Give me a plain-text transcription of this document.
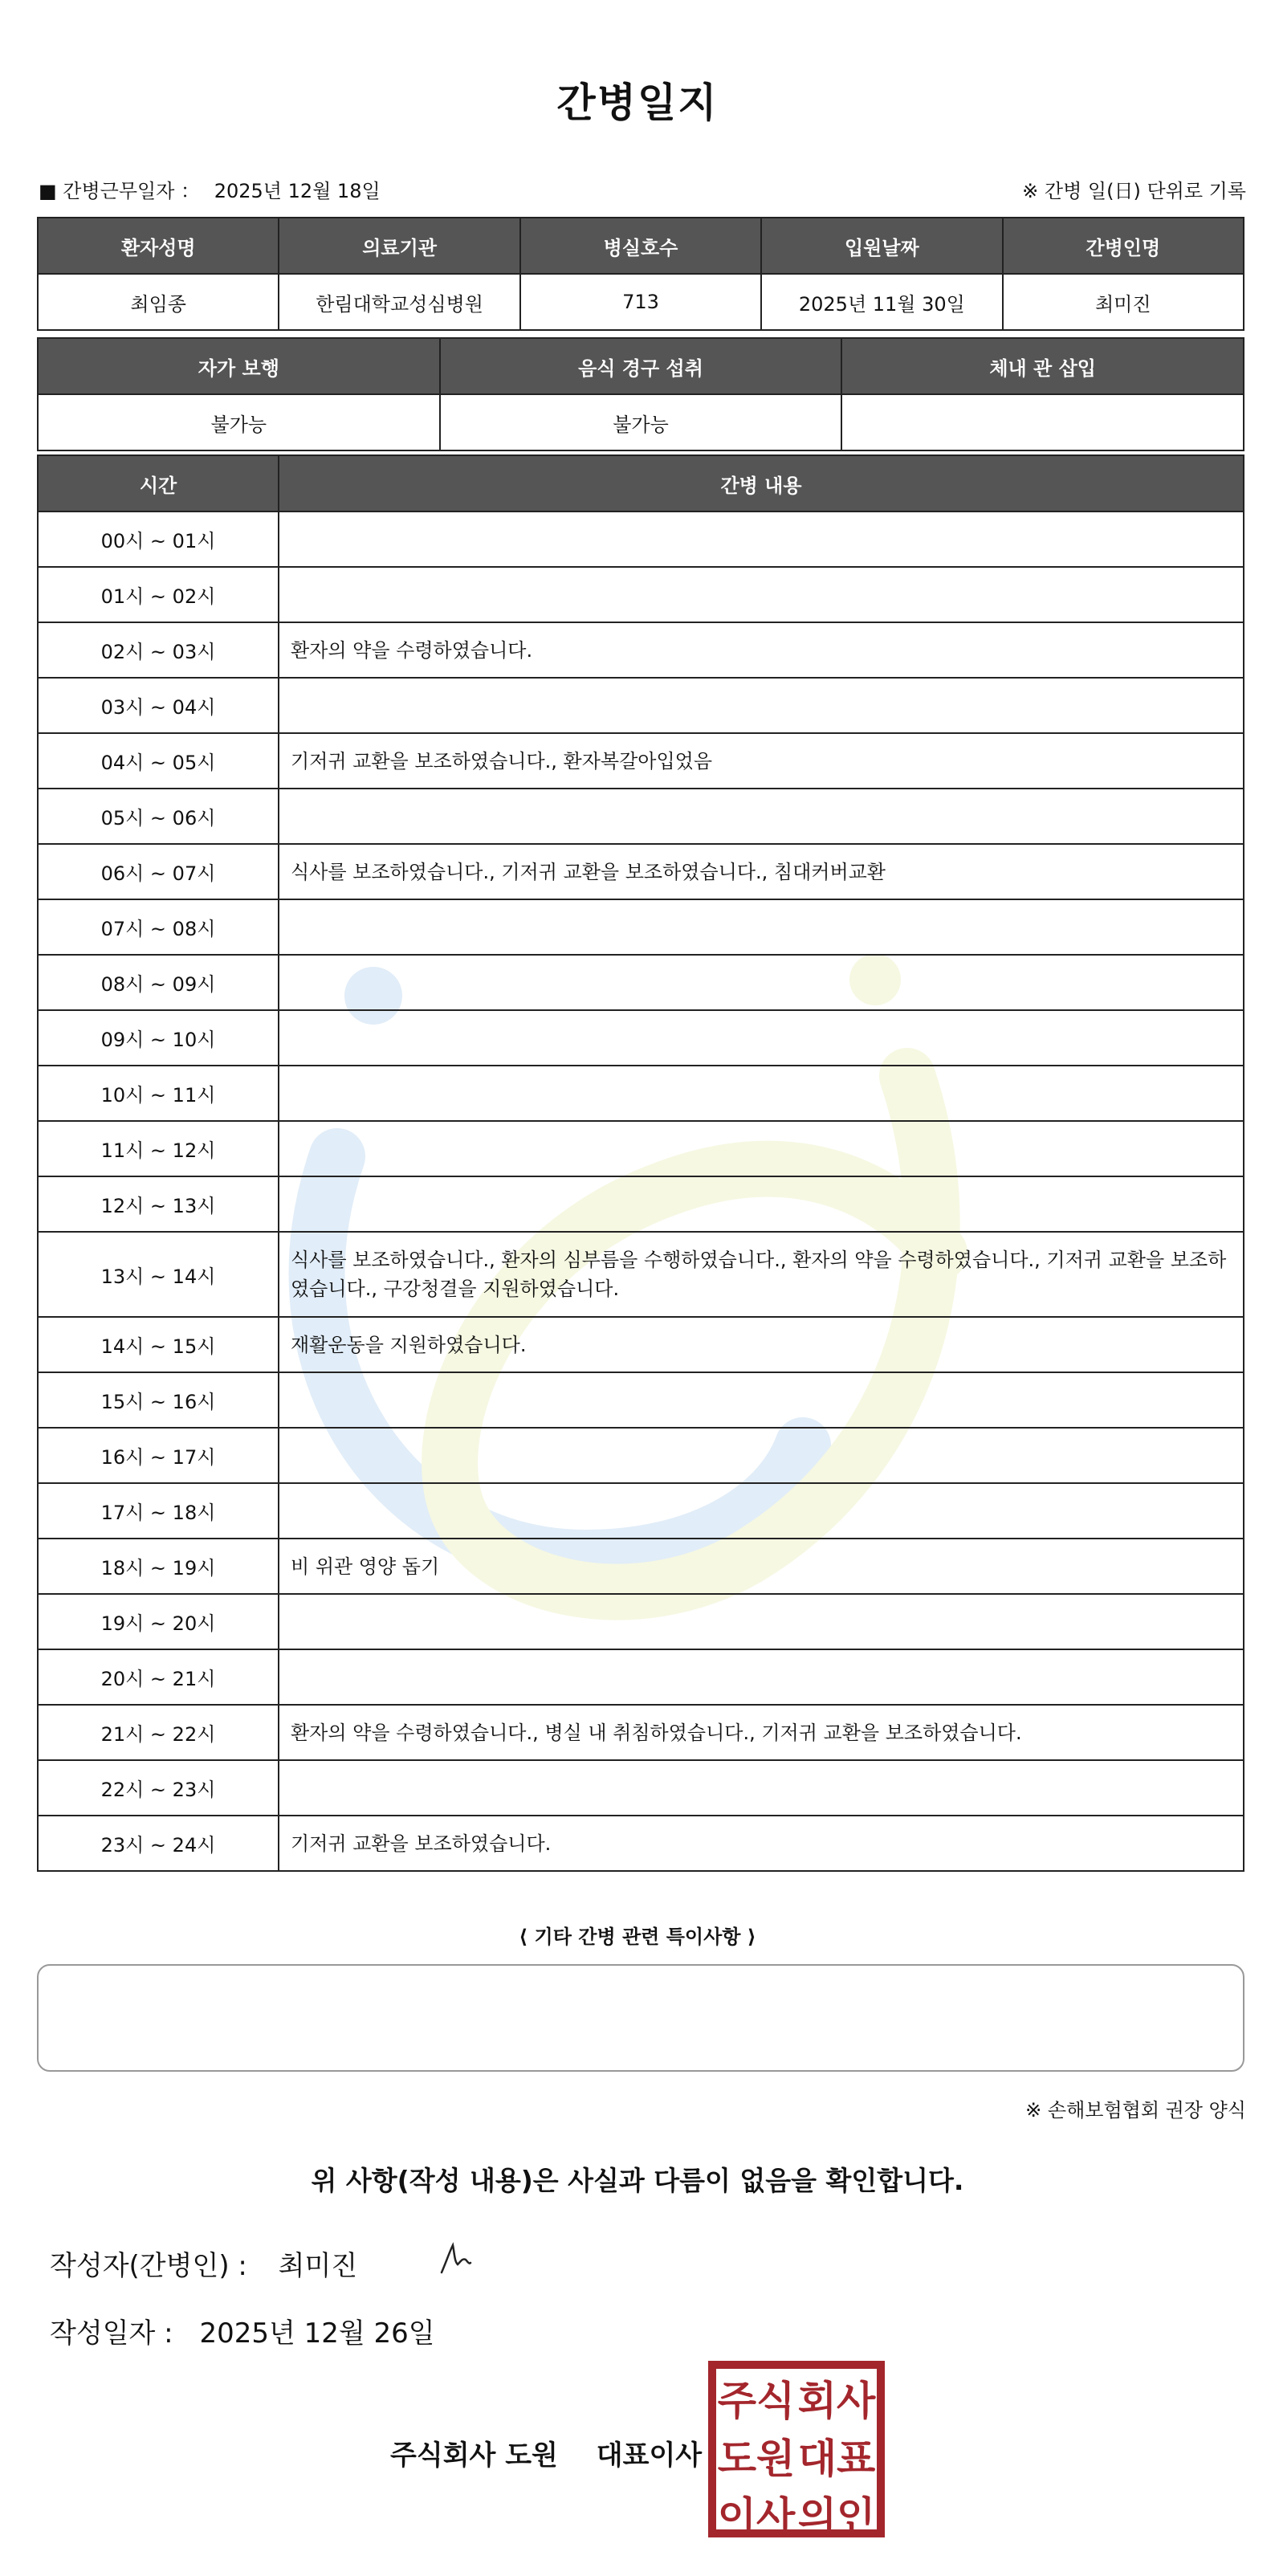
간병일지
■ 간병근무일자 ： 2025년 12월 18일	※ 간병 일(日) 단위로 기록
환자성명	의료기관	병실호수	입원날짜	간병인명
최임종	한림대학교성심병원	713	2025년 11월 30일	최미진
자가 보행	음식 경구 섭취	체내 관 삽입
불가능	불가능	
시간	간병 내용
00시 ~ 01시	
01시 ~ 02시	
02시 ~ 03시	환자의 약을 수령하였습니다.
03시 ~ 04시	
04시 ~ 05시	기저귀 교환을 보조하였습니다., 환자복갈아입었음
05시 ~ 06시	
06시 ~ 07시	식사를 보조하였습니다., 기저귀 교환을 보조하였습니다., 침대커버교환
07시 ~ 08시	
08시 ~ 09시	
09시 ~ 10시	
10시 ~ 11시	
11시 ~ 12시	
12시 ~ 13시	
13시 ~ 14시	식사를 보조하였습니다., 환자의 심부름을 수행하였습니다., 환자의 약을 수령하였습니다., 기저귀 교환을 보조하였습니다., 구강청결을 지원하였습니다.
14시 ~ 15시	재활운동을 지원하였습니다.
15시 ~ 16시	
16시 ~ 17시	
17시 ~ 18시	
18시 ~ 19시	비 위관 영양 돕기
19시 ~ 20시	
20시 ~ 21시	
21시 ~ 22시	환자의 약을 수령하였습니다., 병실 내 취침하였습니다., 기저귀 교환을 보조하였습니다.
22시 ~ 23시	
23시 ~ 24시	기저귀 교환을 보조하였습니다.
⟨ 기타 간병 관련 특이사항 ⟩
※ 손해보험협회 권장 양식
위 사항(작성 내용)은 사실과 다름이 없음을 확인합니다.
작성자(간병인) : 최미진
작성일자 : 2025년 12월 26일
주식회사 도원 대표이사
주식 회사
도원 대표
이사 의인
